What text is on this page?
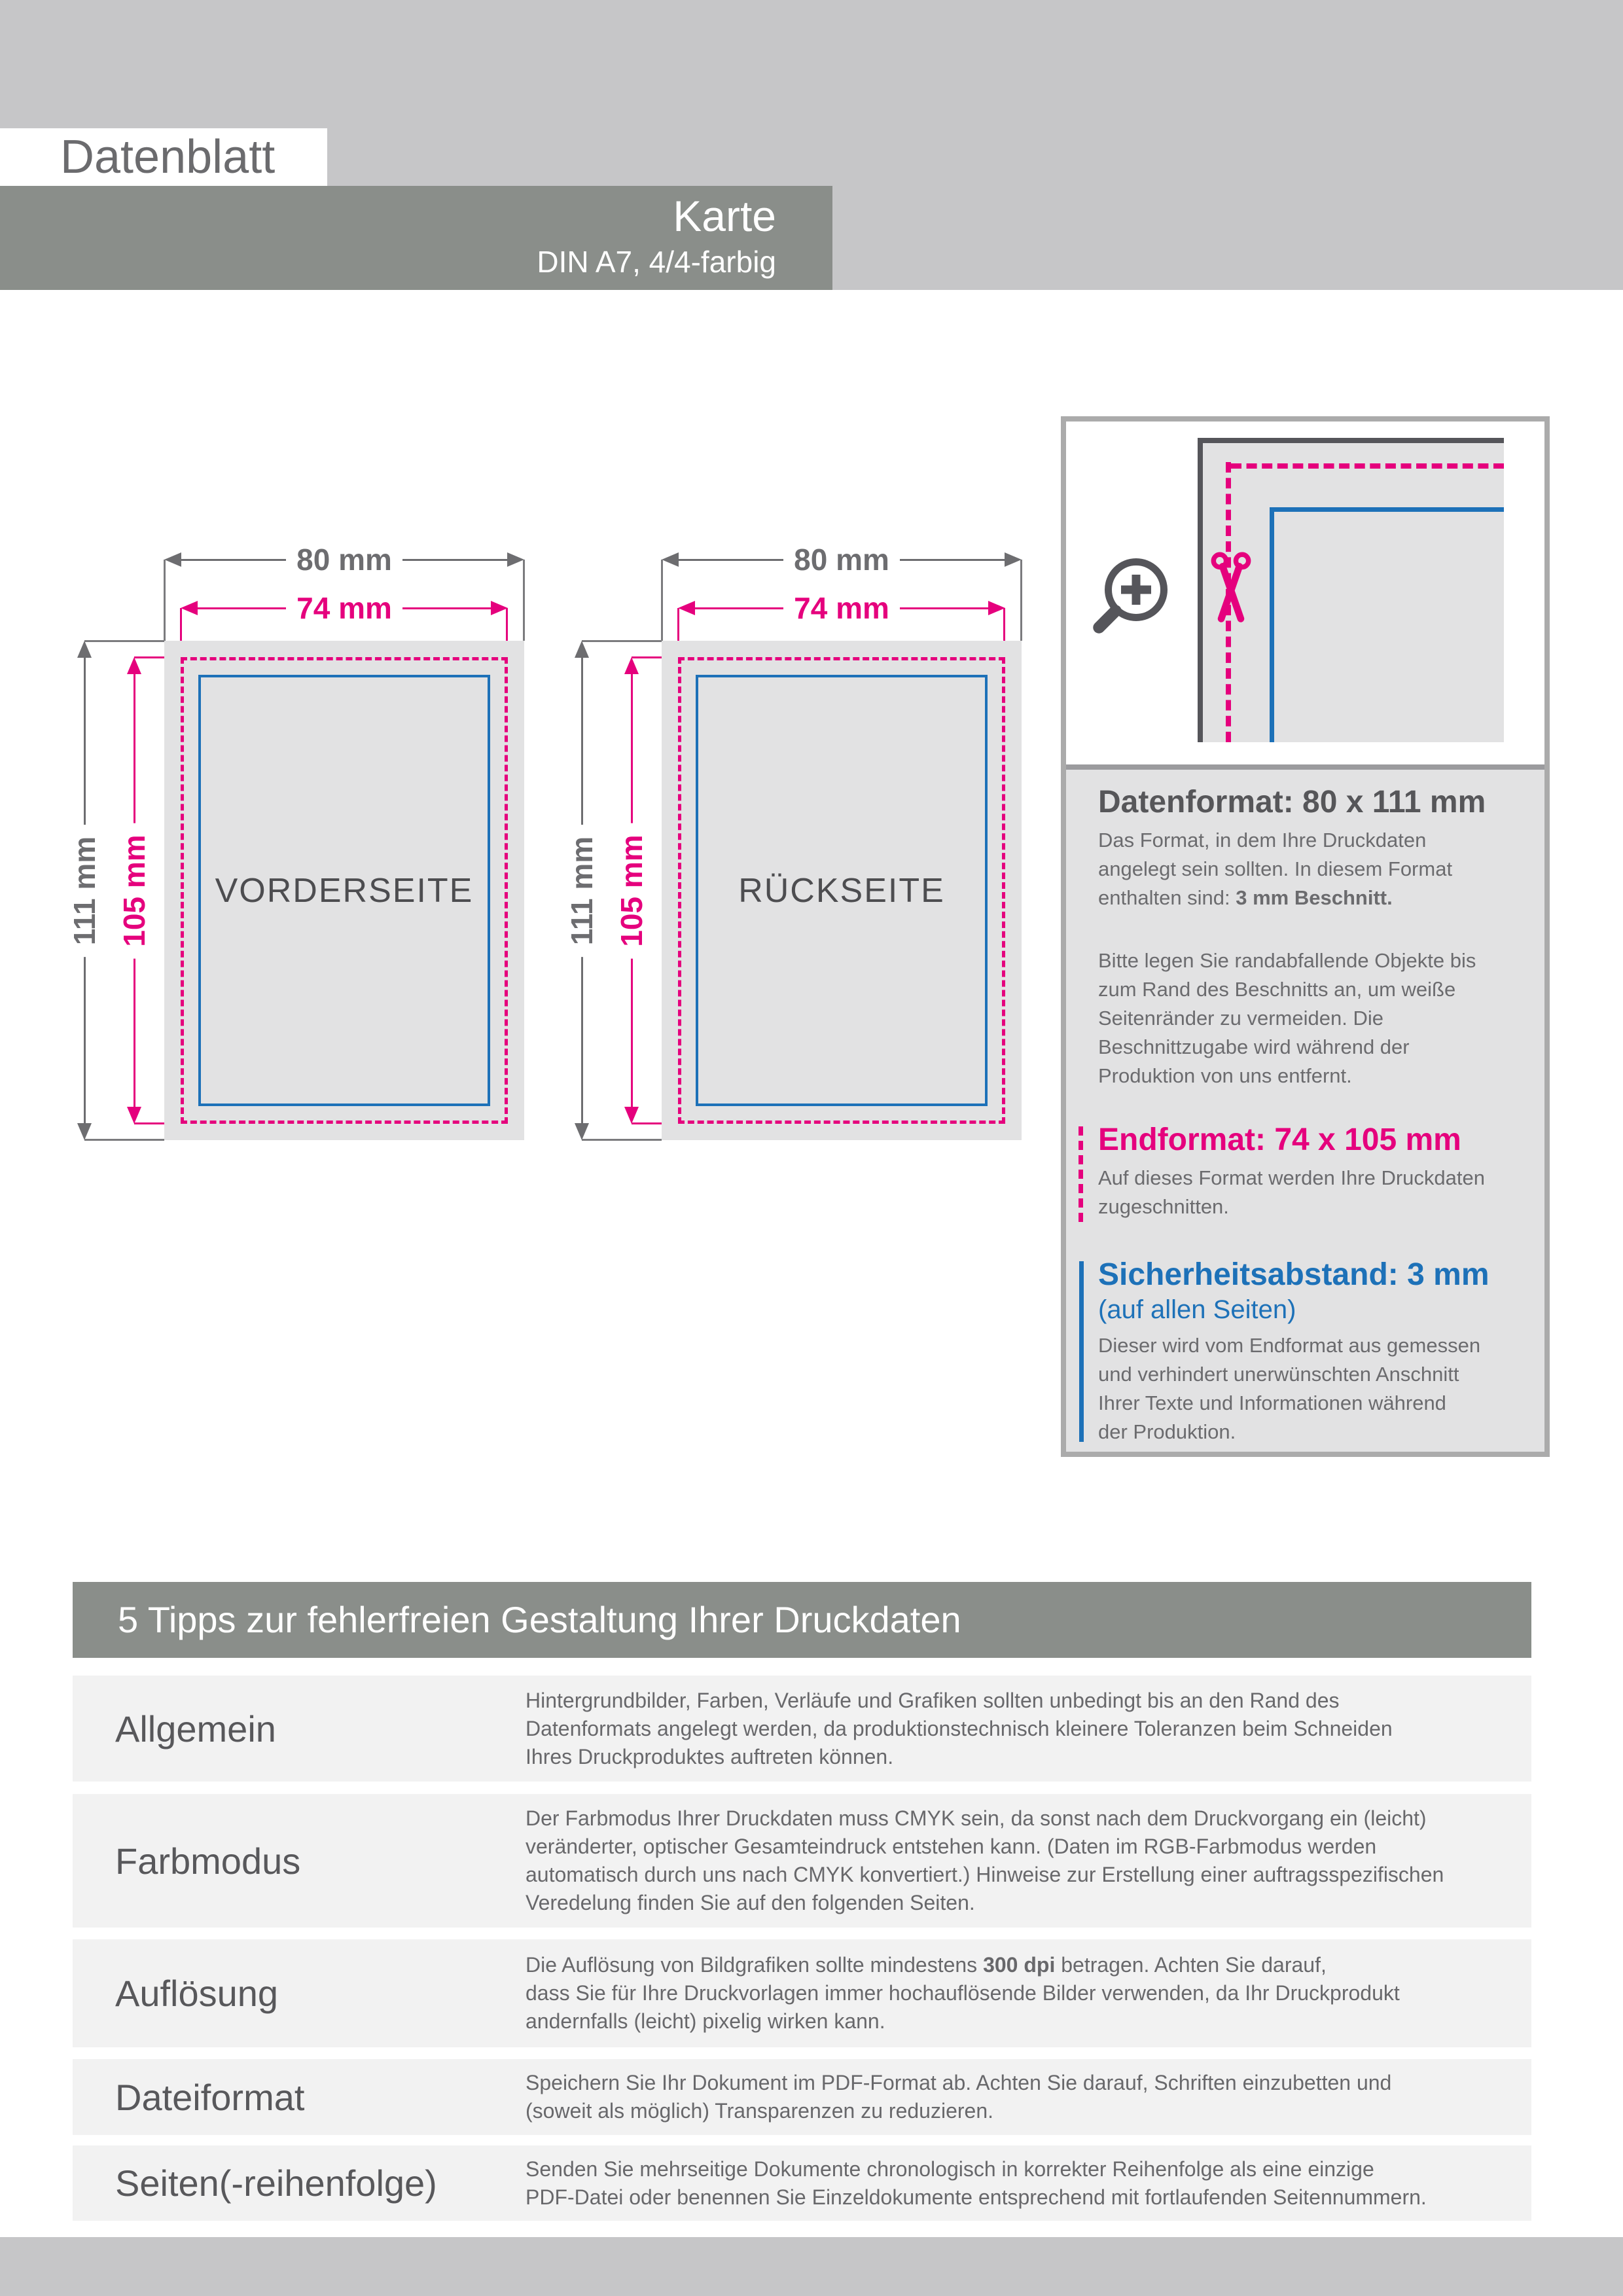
Datenblatt
Karte
DIN A7, 4/4-farbig
80 mm
74 mm
VORDERSEITE
111 mm 105 mm
80 mm
74 mm
RÜCKSEITE
111 mm 105 mm
Datenformat: 80 x 111 mm
Das Format, in dem Ihre Druckdaten
angelegt sein sollten. In diesem Format
enthalten sind: 3 mm Beschnitt.
Bitte legen Sie randabfallende Objekte bis
zum Rand des Beschnitts an, um weiße
Seitenränder zu vermeiden. Die
Beschnittzugabe wird während der
Produktion von uns entfernt.
Endformat: 74 x 105 mm
Auf dieses Format werden Ihre Druckdaten
zugeschnitten.
Sicherheitsabstand: 3 mm
(auf allen Seiten)
Dieser wird vom Endformat aus gemessen
und verhindert unerwünschten Anschnitt
Ihrer Texte und Informationen während
der Produktion.
5 Tipps zur fehlerfreien Gestaltung Ihrer Druckdaten
Allgemein
Hintergrundbilder, Farben, Verläufe und Grafiken sollten unbedingt bis an den Rand des
Datenformats angelegt werden, da produktionstechnisch kleinere Toleranzen beim Schneiden
Ihres Druckproduktes auftreten können.
Farbmodus
Der Farbmodus Ihrer Druckdaten muss CMYK sein, da sonst nach dem Druckvorgang ein (leicht)
veränderter, optischer Gesamteindruck entstehen kann. (Daten im RGB-Farbmodus werden
automatisch durch uns nach CMYK konvertiert.) Hinweise zur Erstellung einer auftragsspezifischen
Veredelung finden Sie auf den folgenden Seiten.
Auflösung
Die Auflösung von Bildgrafiken sollte mindestens 300 dpi betragen. Achten Sie darauf,
dass Sie für Ihre Druckvorlagen immer hochauflösende Bilder verwenden, da Ihr Druckprodukt
andernfalls (leicht) pixelig wirken kann.
Dateiformat	Speichern Sie Ihr Dokument im PDF-Format ab. Achten Sie darauf, Schriften einzubetten und
(soweit als möglich) Transparenzen zu reduzieren.
Seiten(-reihenfolge)	Senden Sie mehrseitige Dokumente chronologisch in korrekter Reihenfolge als eine einzige
PDF-Datei oder benennen Sie Einzeldokumente entsprechend mit fortlaufenden Seitennummern.
